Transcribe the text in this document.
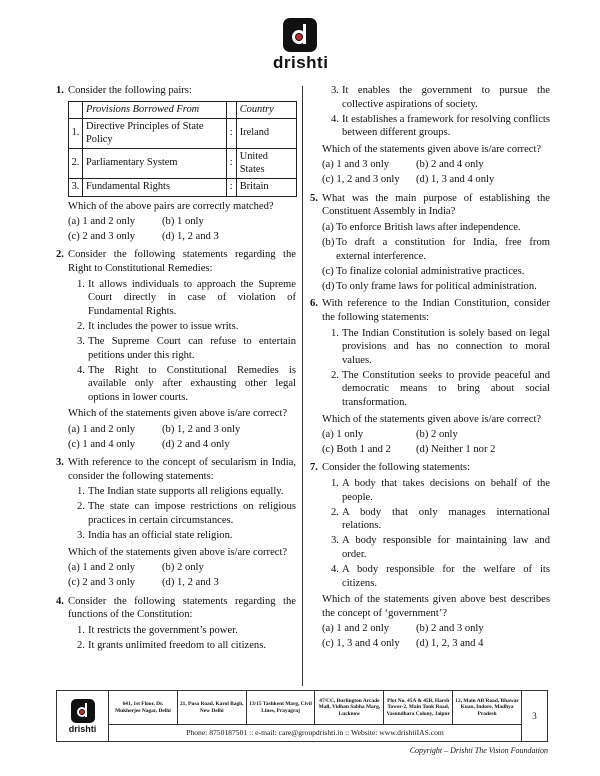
drishti
1. Consider the following pairs:
	Provisions Borrowed From		Country
1.	Directive Principles of State Policy	:	Ireland
2.	Parliamentary System	:	United States
3.	Fundamental Rights	:	Britain
Which of the above pairs are correctly matched?
(a) 1 and 2 only	(b) 1 only
(c) 2 and 3 only	(d) 1, 2 and 3
2. Consider the following statements regarding the Right to Constitutional Remedies:
1. It allows individuals to approach the Supreme Court directly in case of violation of Fundamental Rights.
2. It includes the power to issue writs.
3. The Supreme Court can refuse to entertain petitions under this right.
4. The Right to Constitutional Remedies is available only after exhausting other legal options in lower courts.
Which of the statements given above is/are correct?
(a) 1 and 2 only	(b) 1, 2 and 3 only
(c) 1 and 4 only	(d) 2 and 4 only
3. With reference to the concept of secularism in India, consider the following statements:
1. The Indian state supports all religions equally.
2. The state can impose restrictions on religious practices in certain circumstances.
3. India has an official state religion.
Which of the statements given above is/are correct?
(a) 1 and 2 only	(b) 2 only
(c) 2 and 3 only	(d) 1, 2 and 3
4. Consider the following statements regarding the functions of the Constitution:
1. It restricts the government’s power.
2. It grants unlimited freedom to all citizens.
3. It enables the government to pursue the collective aspirations of society.
4. It establishes a framework for resolving conflicts between different groups.
Which of the statements given above is/are correct?
(a) 1 and 3 only	(b) 2 and 4 only
(c) 1, 2 and 3 only	(d) 1, 3 and 4 only
5. What was the main purpose of establishing the Constituent Assembly in India?
(a) To enforce British laws after independence.
(b) To draft a constitution for India, free from external interference.
(c) To finalize colonial administrative practices.
(d) To only frame laws for political administration.
6. With reference to the Indian Constitution, consider the following statements:
1. The Indian Constitution is solely based on legal provisions and has no connection to moral values.
2. The Constitution seeks to provide peaceful and democratic means to bring about social transformation.
Which of the statements given above is/are correct?
(a) 1 only	(b) 2 only
(c) Both 1 and 2	(d) Neither 1 nor 2
7. Consider the following statements:
1. A body that takes decisions on behalf of the people.
2. A body that only manages international relations.
3. A body responsible for maintaining law and order.
4. A body responsible for the welfare of its citizens.
Which of the statements given above best describes the concept of ‘government’?
(a) 1 and 2 only	(b) 2 and 3 only
(c) 1, 3 and 4 only	(d) 1, 2, 3 and 4
drishti
641, 1st Floor, Dr. Mukherjee Nagar, Delhi
21, Pusa Road, Karol Bagh, New Delhi
13/15 Tashkent Marg, Civil Lines, Prayagraj
47/CC, Burlington Arcade Mall, Vidhan Sabha Marg, Lucknow
Plot No. 45A & 45B, Harsh Tower-2, Main Tonk Road, Vasundhara Colony, Jaipur
12, Main AB Road, Bhawar Kuan, Indore, Madhya Pradesh
Phone: 8750187501 :: e-mail: care@groupdrishti.in :: Website: www.drishtiIAS.com
3
Copyright – Drishti The Vision Foundation
